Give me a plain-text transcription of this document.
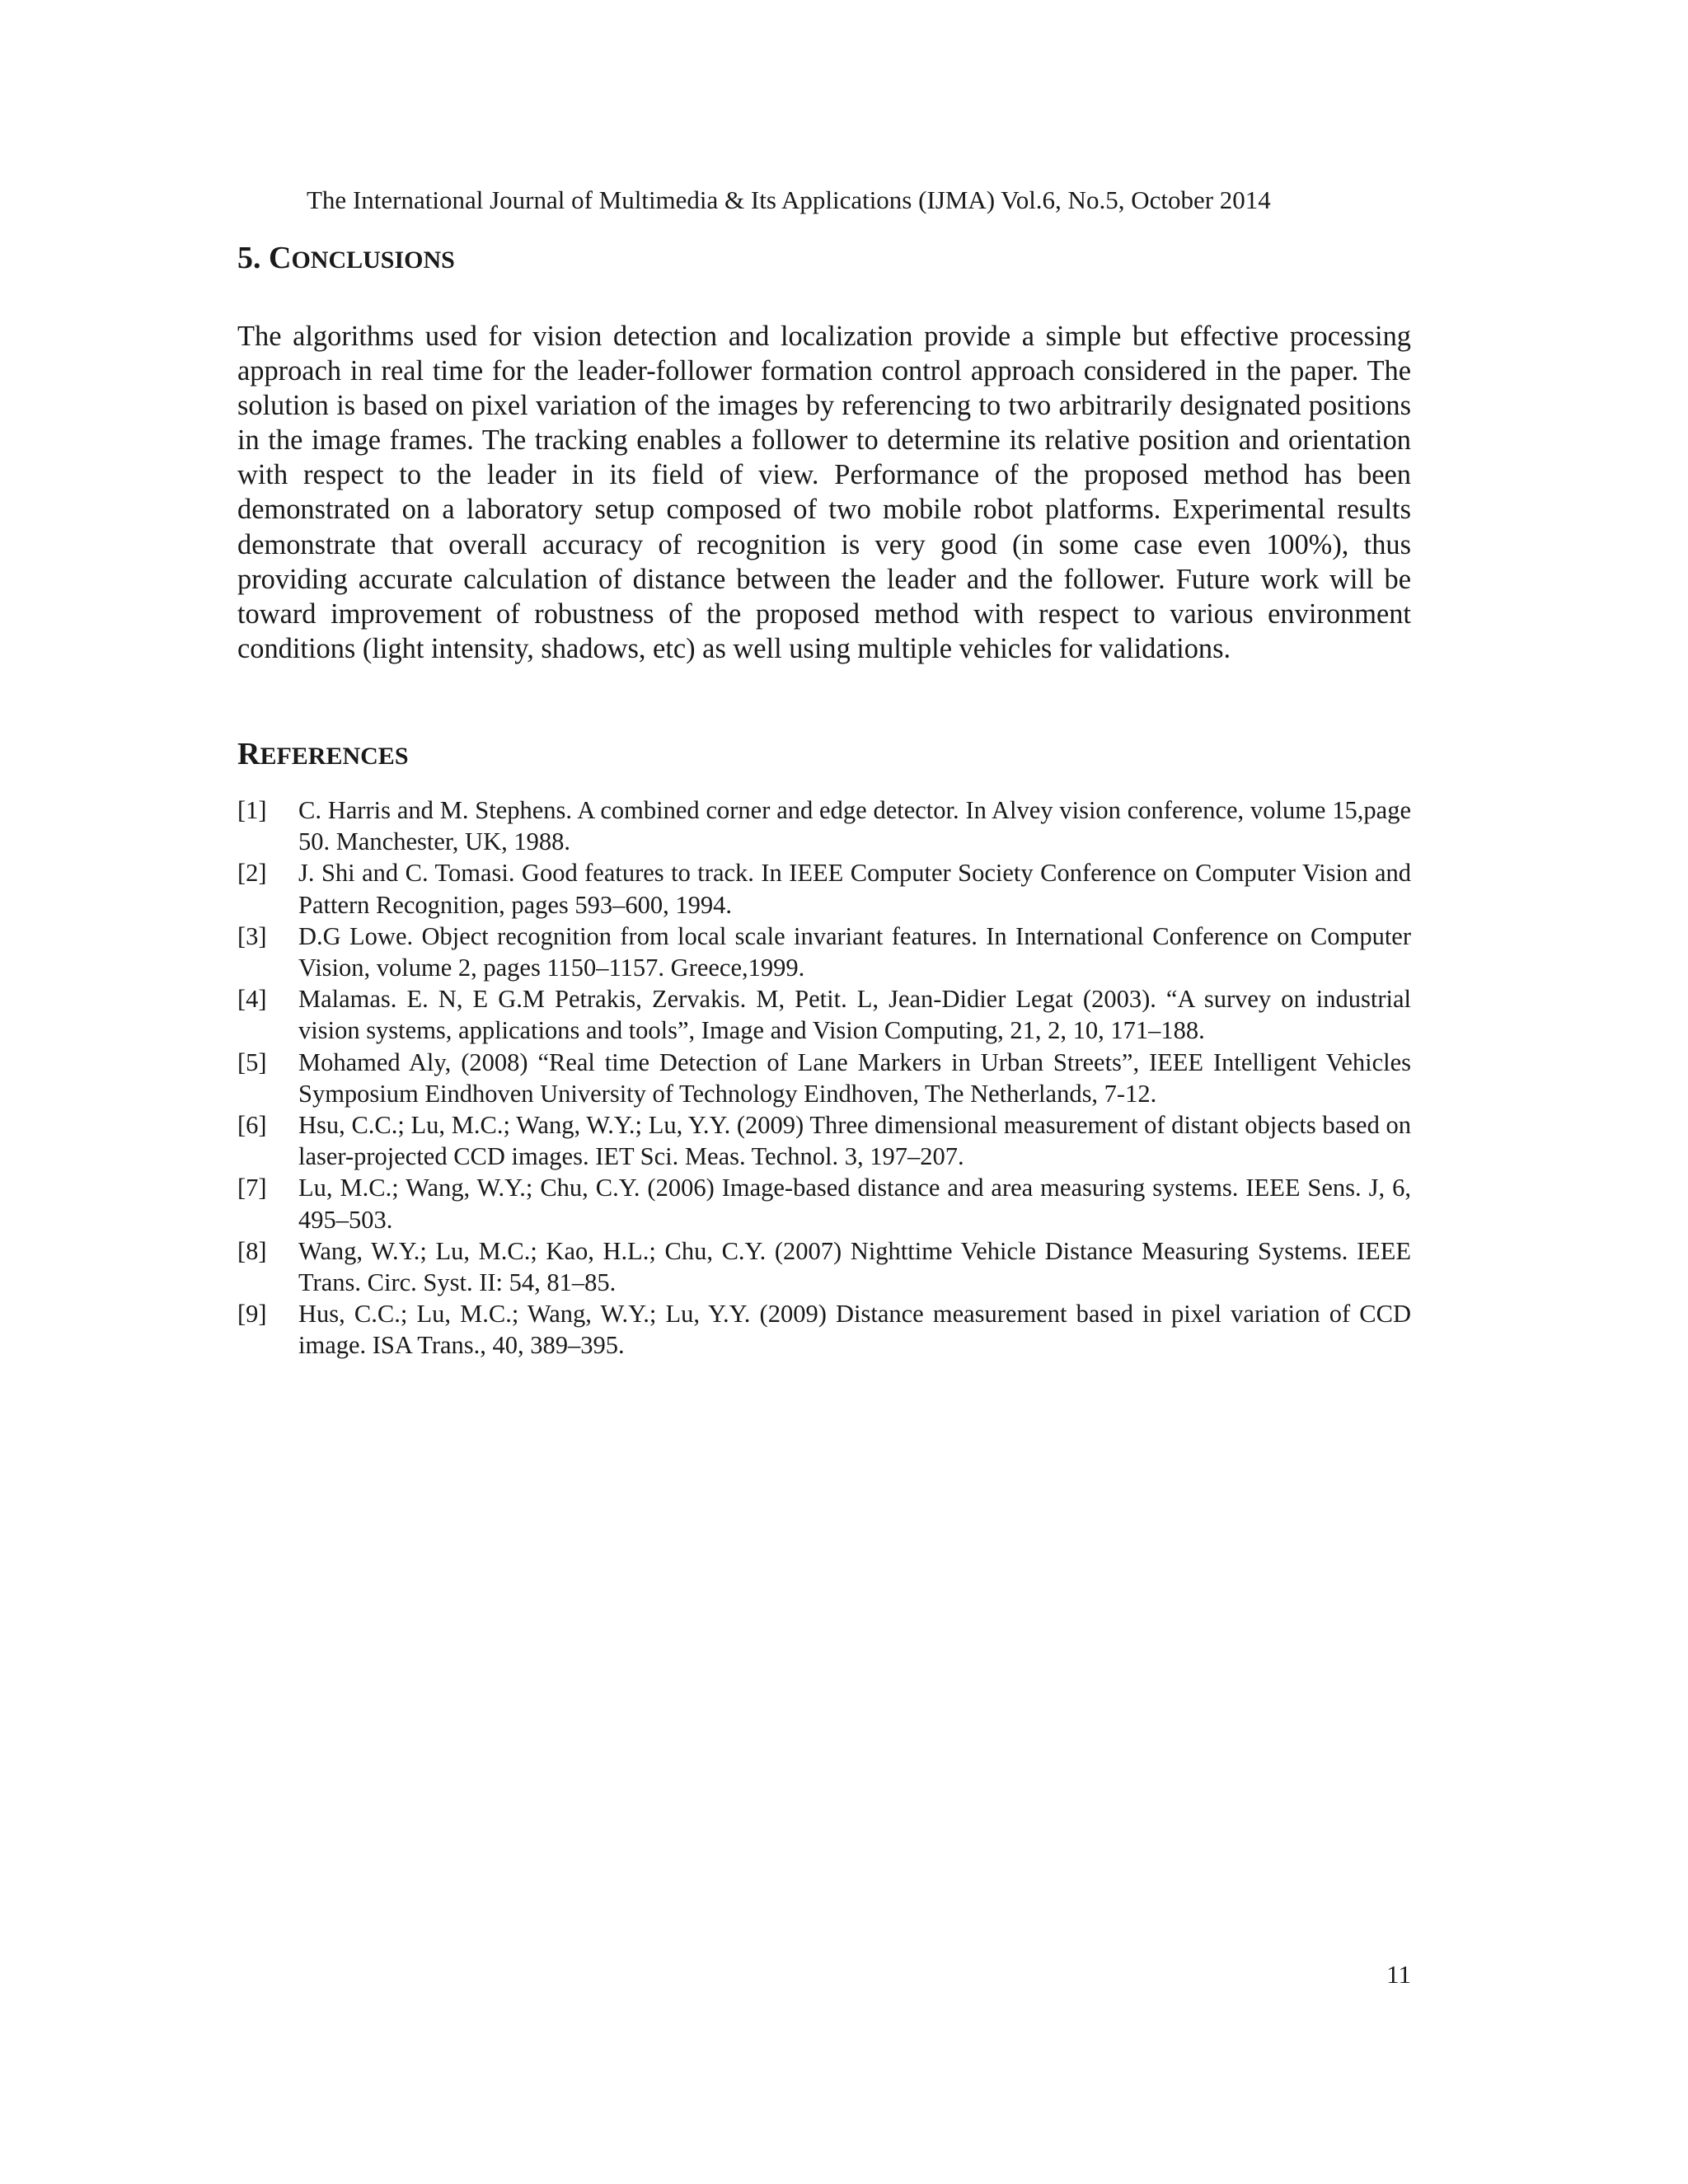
The International Journal of Multimedia & Its Applications (IJMA) Vol.6, No.5, October 2014
5. CONCLUSIONS

The algorithms used for vision detection and localization provide a simple but effective processing approach in real time for the leader-follower formation control approach considered in the paper. The solution is based on pixel variation of the images by referencing to two arbitrarily designated positions in the image frames. The tracking enables a follower to determine its relative position and orientation with respect to the leader in its field of view. Performance of the proposed method has been demonstrated on a laboratory setup composed of two mobile robot platforms. Experimental results demonstrate that overall accuracy of recognition is very good (in some case even 100%), thus providing accurate calculation of distance between the leader and the follower. Future work will be toward improvement of robustness of the proposed method with respect to various environment conditions (light intensity, shadows, etc) as well using multiple vehicles for validations.

REFERENCES
[1] C. Harris and M. Stephens. A combined corner and edge detector. In Alvey vision conference, volume 15,page 50. Manchester, UK, 1988.
[2] J. Shi and C. Tomasi. Good features to track. In IEEE Computer Society Conference on Computer Vision and Pattern Recognition, pages 593–600, 1994.
[3] D.G Lowe. Object recognition from local scale invariant features. In International Conference on Computer Vision, volume 2, pages 1150–1157. Greece,1999.
[4] Malamas. E. N, E G.M Petrakis, Zervakis. M, Petit. L, Jean-Didier Legat (2003). “A survey on industrial vision systems, applications and tools”, Image and Vision Computing, 21, 2, 10, 171–188.
[5] Mohamed Aly, (2008) “Real time Detection of Lane Markers in Urban Streets”, IEEE Intelligent Vehicles Symposium Eindhoven University of Technology Eindhoven, The Netherlands, 7-12.
[6] Hsu, C.C.; Lu, M.C.; Wang, W.Y.; Lu, Y.Y. (2009) Three dimensional measurement of distant objects based on laser-projected CCD images. IET Sci. Meas. Technol. 3, 197–207.
[7] Lu, M.C.; Wang, W.Y.; Chu, C.Y. (2006) Image-based distance and area measuring systems. IEEE Sens. J, 6, 495–503.
[8] Wang, W.Y.; Lu, M.C.; Kao, H.L.; Chu, C.Y. (2007) Nighttime Vehicle Distance Measuring Systems. IEEE Trans. Circ. Syst. II: 54, 81–85.
[9] Hus, C.C.; Lu, M.C.; Wang, W.Y.; Lu, Y.Y. (2009) Distance measurement based in pixel variation of CCD image. ISA Trans., 40, 389–395.
11
